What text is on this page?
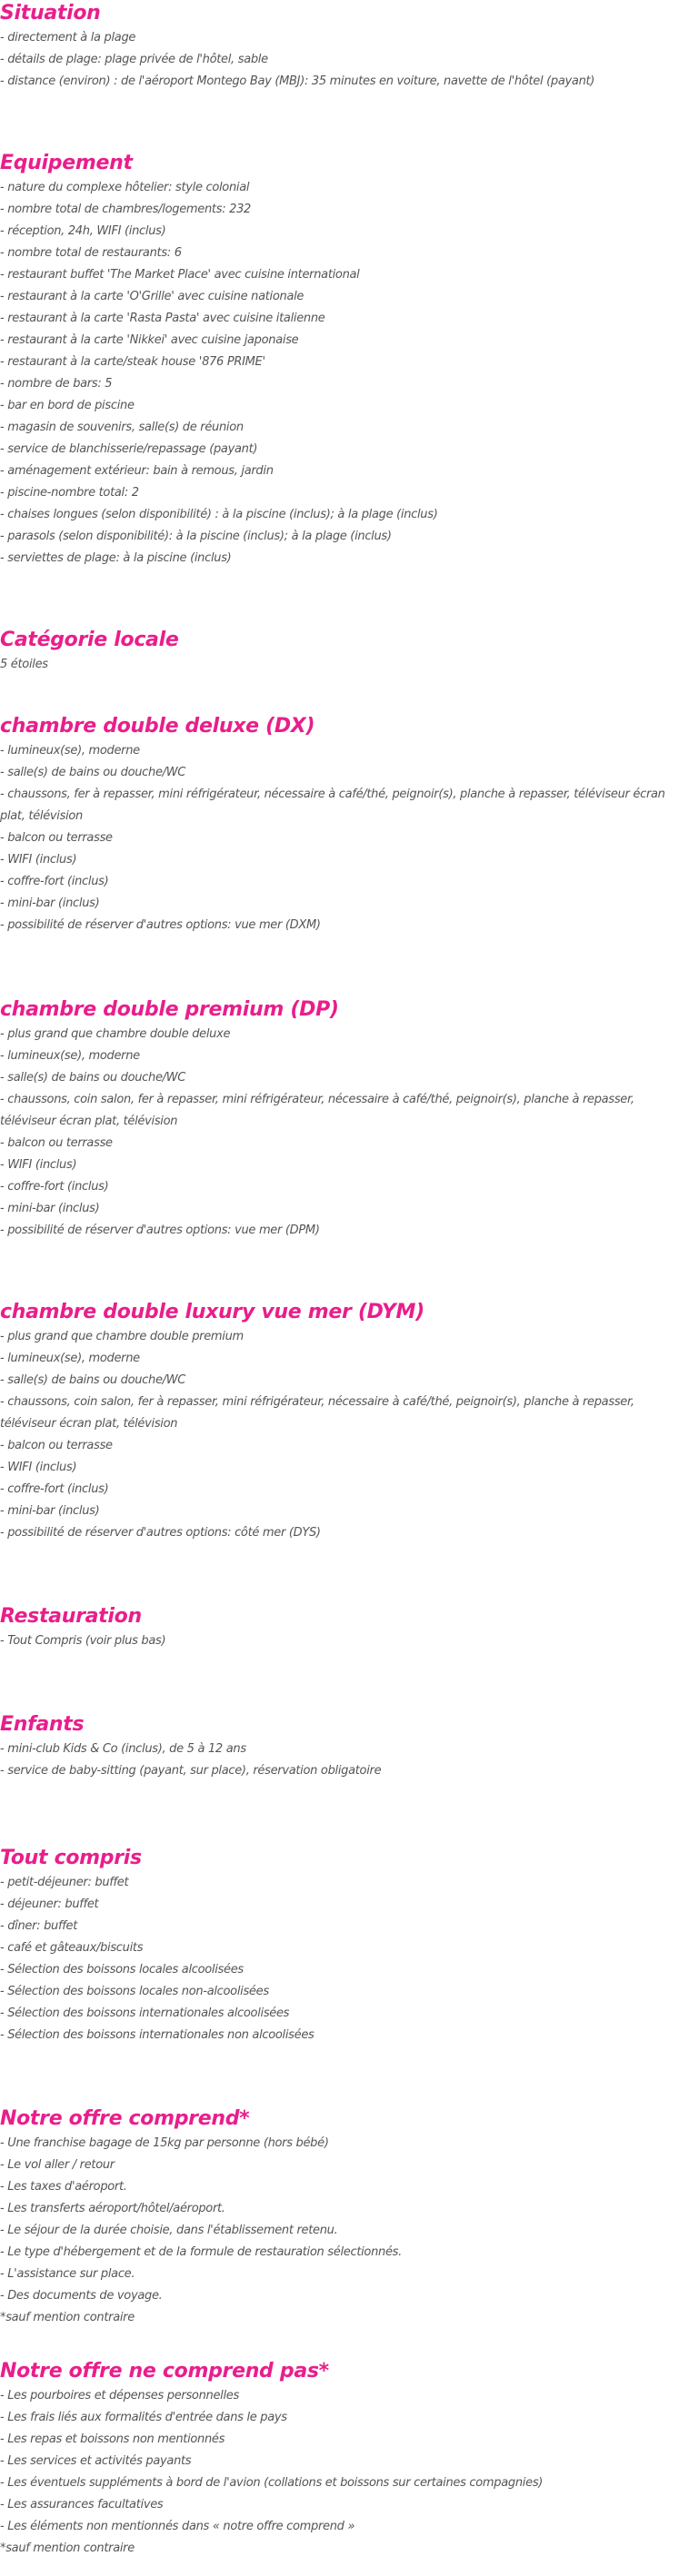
Situation
- directement à la plage
- détails de plage: plage privée de l'hôtel, sable
- distance (environ) : de l'aéroport Montego Bay (MBJ): 35 minutes en voiture, navette de l'hôtel (payant)
Equipement
- nature du complexe hôtelier: style colonial
- nombre total de chambres/logements: 232
- réception, 24h, WIFI (inclus)
- nombre total de restaurants: 6
- restaurant buffet 'The Market Place' avec cuisine international
- restaurant à la carte 'O'Grille' avec cuisine nationale
- restaurant à la carte 'Rasta Pasta' avec cuisine italienne
- restaurant à la carte 'Nikkei' avec cuisine japonaise
- restaurant à la carte/steak house '876 PRIME'
- nombre de bars: 5
- bar en bord de piscine
- magasin de souvenirs, salle(s) de réunion
- service de blanchisserie/repassage (payant)
- aménagement extérieur: bain à remous, jardin
- piscine-nombre total: 2
- chaises longues (selon disponibilité) : à la piscine (inclus); à la plage (inclus)
- parasols (selon disponibilité): à la piscine (inclus); à la plage (inclus)
- serviettes de plage: à la piscine (inclus)
Catégorie locale

5 étoiles

chambre double deluxe (DX)
- lumineux(se), moderne
- salle(s) de bains ou douche/WC
- chaussons, fer à repasser, mini réfrigérateur, nécessaire à café/thé, peignoir(s), planche à repasser, téléviseur écran plat, télévision
- balcon ou terrasse
- WIFI (inclus)
- coffre-fort (inclus)
- mini-bar (inclus)
- possibilité de réserver d'autres options: vue mer (DXM)
chambre double premium (DP)
- plus grand que chambre double deluxe
- lumineux(se), moderne
- salle(s) de bains ou douche/WC
- chaussons, coin salon, fer à repasser, mini réfrigérateur, nécessaire à café/thé, peignoir(s), planche à repasser, téléviseur écran plat, télévision
- balcon ou terrasse
- WIFI (inclus)
- coffre-fort (inclus)
- mini-bar (inclus)
- possibilité de réserver d'autres options: vue mer (DPM)
chambre double luxury vue mer (DYM)
- plus grand que chambre double premium
- lumineux(se), moderne
- salle(s) de bains ou douche/WC
- chaussons, coin salon, fer à repasser, mini réfrigérateur, nécessaire à café/thé, peignoir(s), planche à repasser, téléviseur écran plat, télévision
- balcon ou terrasse
- WIFI (inclus)
- coffre-fort (inclus)
- mini-bar (inclus)
- possibilité de réserver d'autres options: côté mer (DYS)
Restauration

- Tout Compris (voir plus bas)

Enfants
- mini-club Kids & Co (inclus), de 5 à 12 ans
- service de baby-sitting (payant, sur place), réservation obligatoire
Tout compris
- petit-déjeuner: buffet
- déjeuner: buffet
- dîner: buffet
- café et gâteaux/biscuits
- Sélection des boissons locales alcoolisées
- Sélection des boissons locales non-alcoolisées
- Sélection des boissons internationales alcoolisées
- Sélection des boissons internationales non alcoolisées
Notre offre comprend*
- Une franchise bagage de 15kg par personne (hors bébé)
- Le vol aller / retour
- Les taxes d'aéroport.
- Les transferts aéroport/hôtel/aéroport.
- Le séjour de la durée choisie, dans l'établissement retenu.
- Le type d'hébergement et de la formule de restauration sélectionnés.
- L'assistance sur place.
- Des documents de voyage.
*sauf mention contraire
Notre offre ne comprend pas*
- Les pourboires et dépenses personnelles
- Les frais liés aux formalités d'entrée dans le pays
- Les repas et boissons non mentionnés
- Les services et activités payants
- Les éventuels suppléments à bord de l'avion (collations et boissons sur certaines compagnies)
- Les assurances facultatives
- Les éléments non mentionnés dans « notre offre comprend »
*sauf mention contraire
